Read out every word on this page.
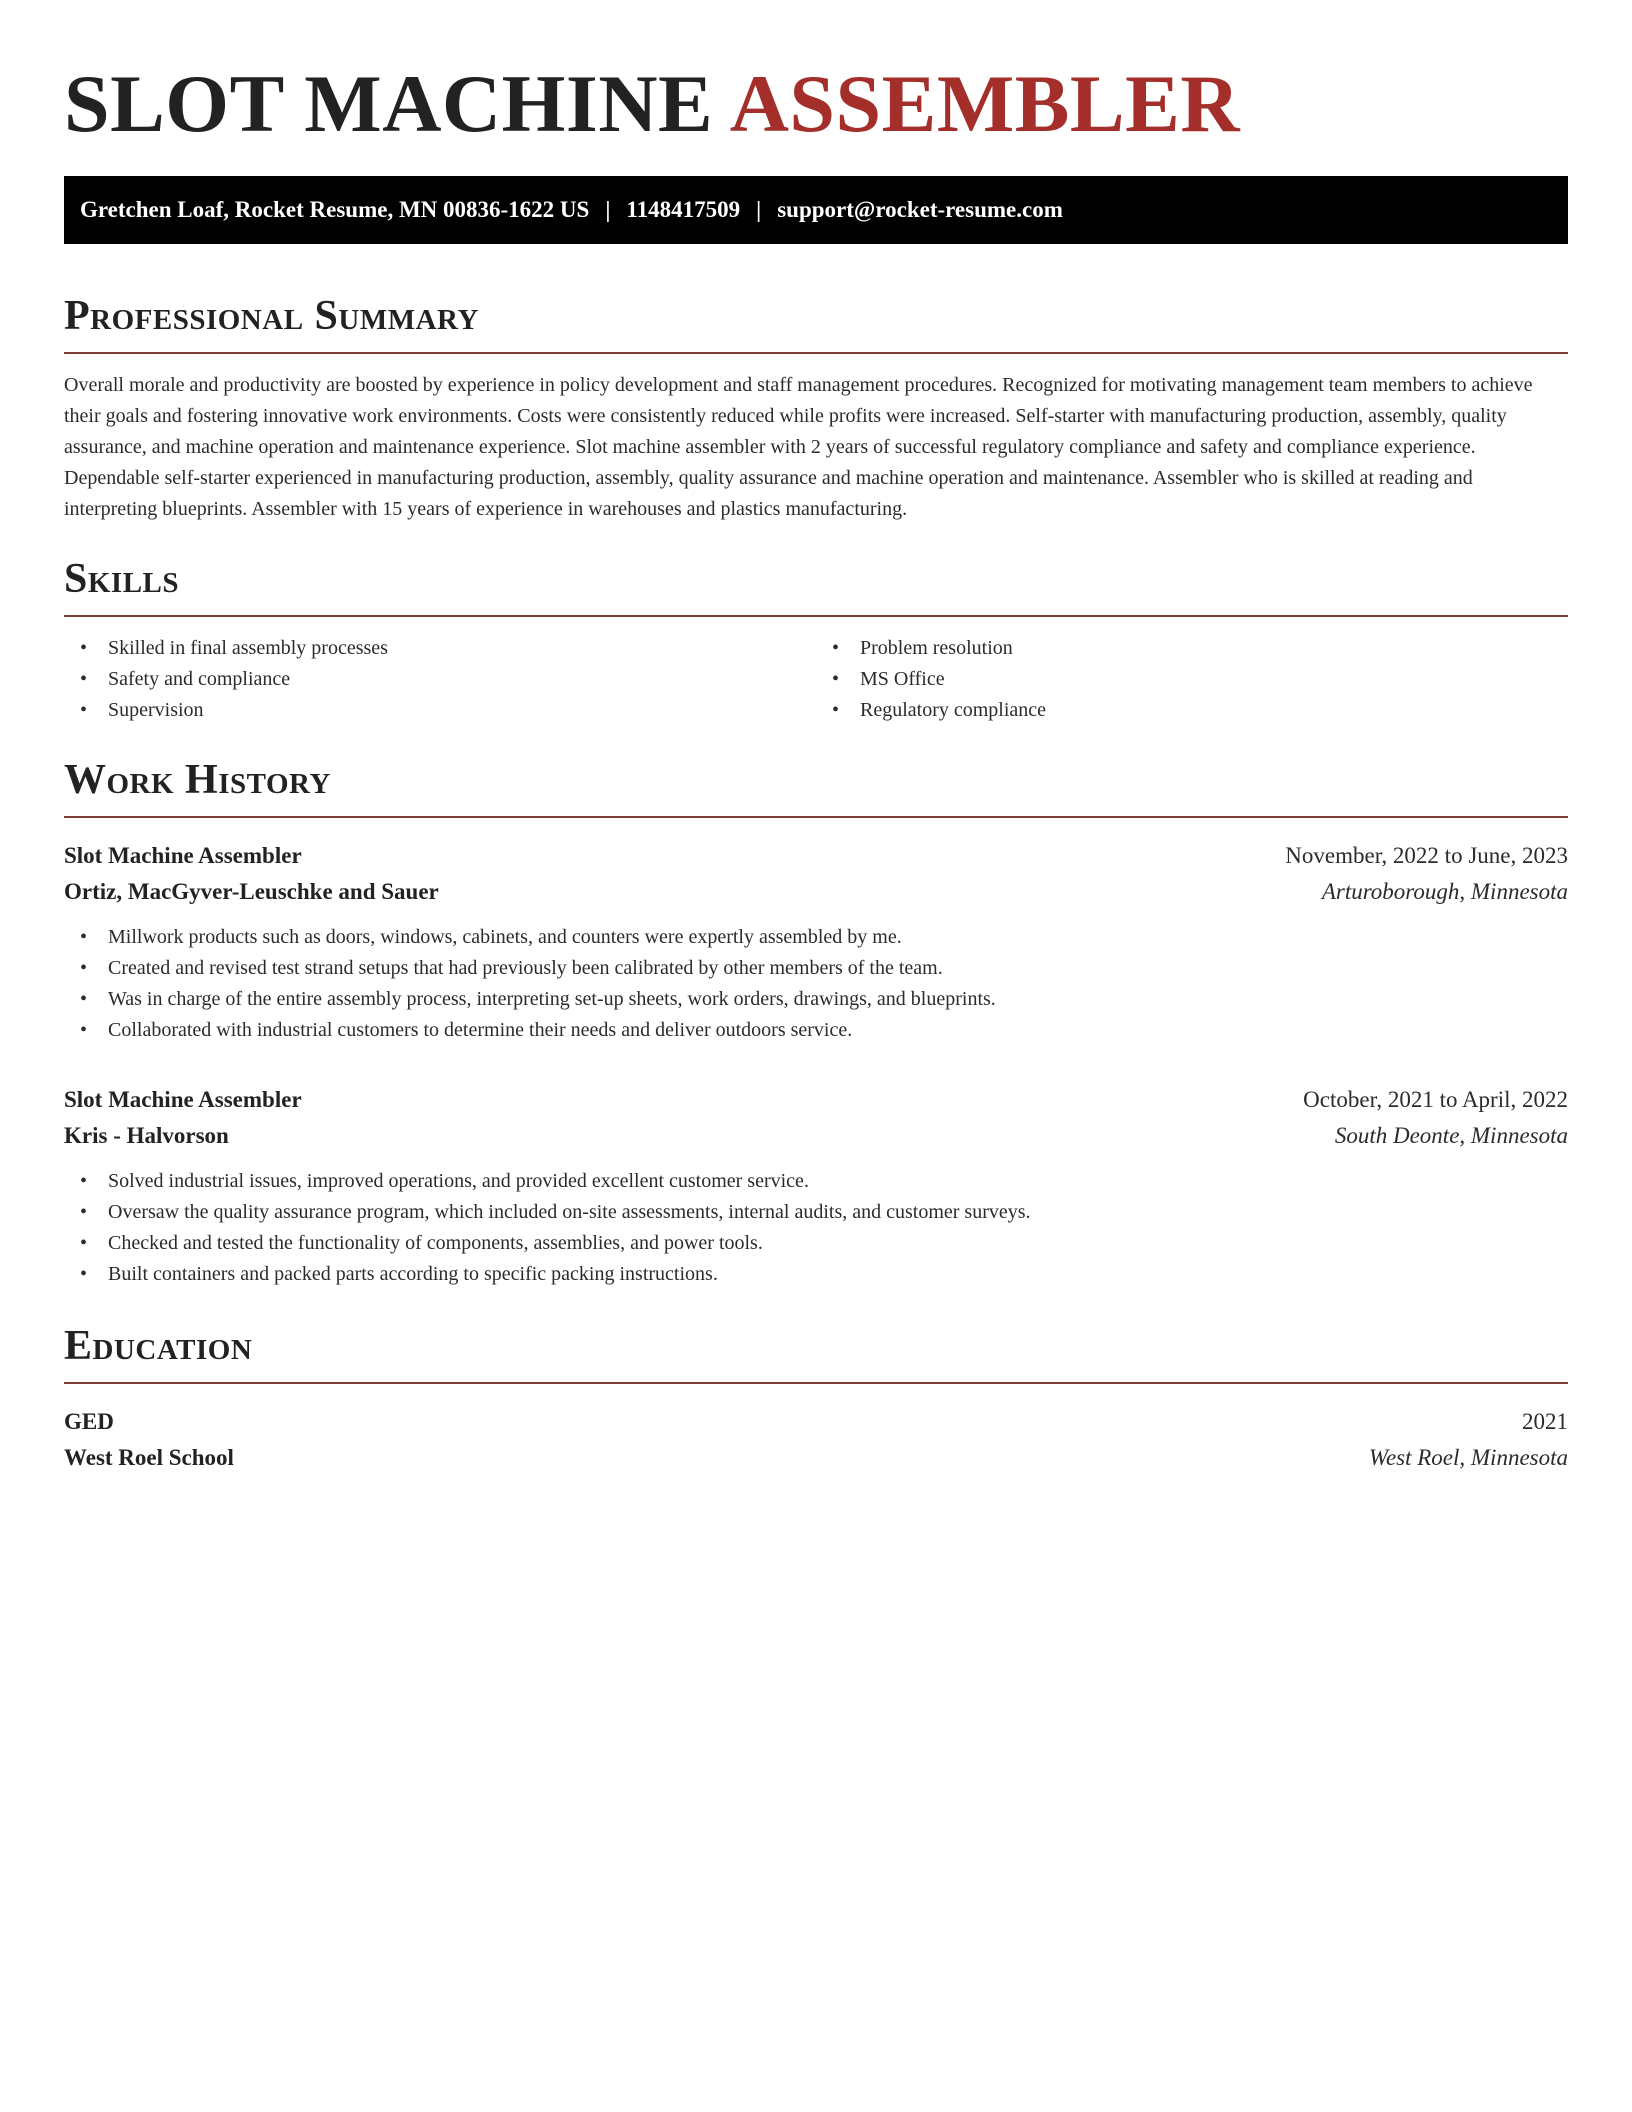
SLOT MACHINE ASSEMBLER
Gretchen Loaf, Rocket Resume, MN 00836-1622 US | 1148417509 | support@rocket-resume.com
Professional Summary

Overall morale and productivity are boosted by experience in policy development and staff management procedures. Recognized for motivating management team members to achieve their goals and fostering innovative work environments. Costs were consistently reduced while profits were increased. Self-starter with manufacturing production, assembly, quality assurance, and machine operation and maintenance experience. Slot machine assembler with 2 years of successful regulatory compliance and safety and compliance experience. Dependable self-starter experienced in manufacturing production, assembly, quality assurance and machine operation and maintenance. Assembler who is skilled at reading and interpreting blueprints. Assembler with 15 years of experience in warehouses and plastics manufacturing.

Skills
• Skilled in final assembly processes
• Safety and compliance
• Supervision
• Problem resolution
• MS Office
• Regulatory compliance
Work History
Slot Machine Assembler	November, 2022 to June, 2023
Ortiz, MacGyver-Leuschke and Sauer	Arturoborough, Minnesota
• Millwork products such as doors, windows, cabinets, and counters were expertly assembled by me.
• Created and revised test strand setups that had previously been calibrated by other members of the team.
• Was in charge of the entire assembly process, interpreting set-up sheets, work orders, drawings, and blueprints.
• Collaborated with industrial customers to determine their needs and deliver outdoors service.
Slot Machine Assembler	October, 2021 to April, 2022
Kris - Halvorson	South Deonte, Minnesota
• Solved industrial issues, improved operations, and provided excellent customer service.
• Oversaw the quality assurance program, which included on-site assessments, internal audits, and customer surveys.
• Checked and tested the functionality of components, assemblies, and power tools.
• Built containers and packed parts according to specific packing instructions.
Education
GED	2021
West Roel School	West Roel, Minnesota
